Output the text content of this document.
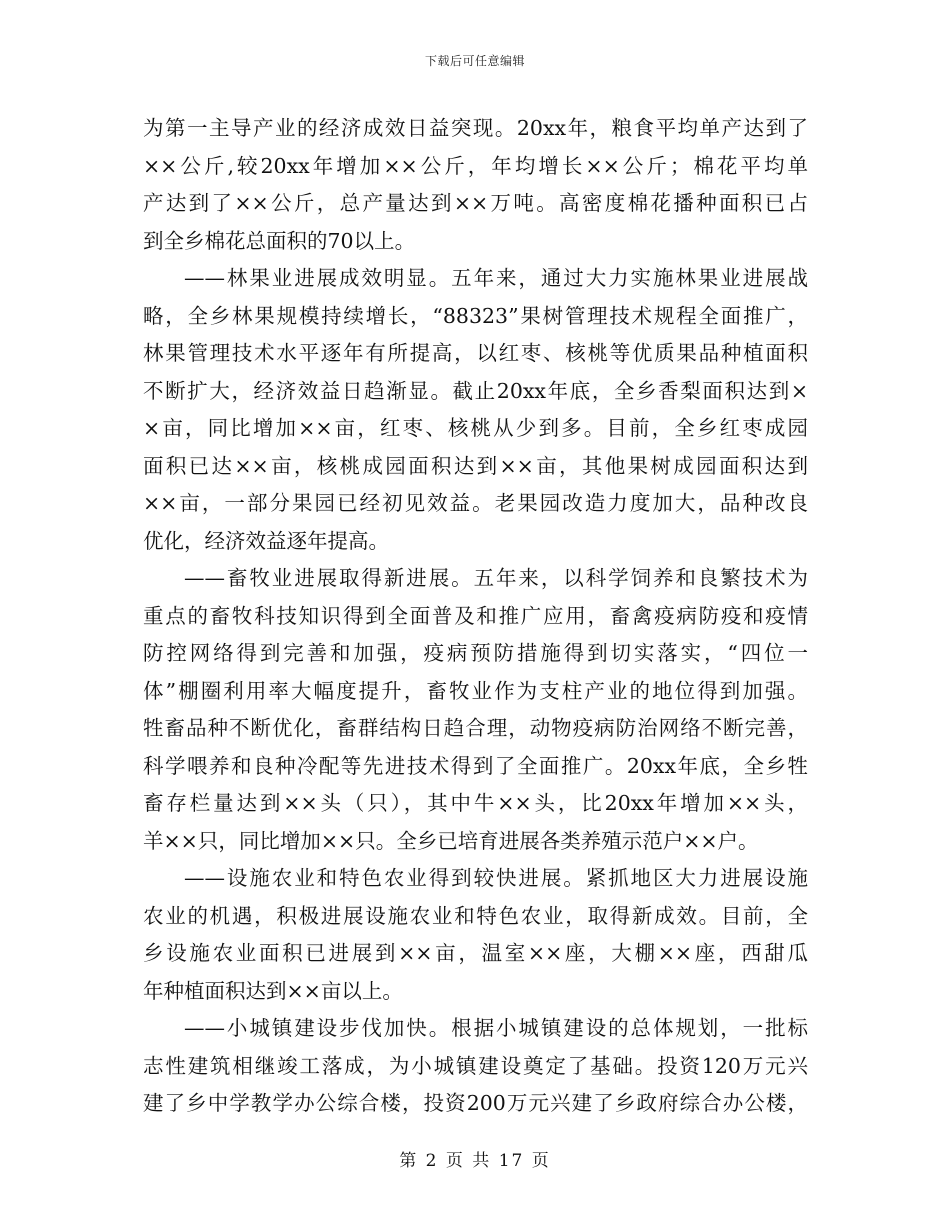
下载后可任意编辑
为第一主导产业的经济成效日益突现。20xx年，粮食平均单产达到了
××公斤,较20xx年增加××公斤，年均增长××公斤；棉花平均单
产达到了××公斤，总产量达到××万吨。高密度棉花播种面积已占
到全乡棉花总面积的70以上。
——林果业进展成效明显。五年来，通过大力实施林果业进展战
略，全乡林果规模持续增长，“88323”果树管理技术规程全面推广，
林果管理技术水平逐年有所提高，以红枣、核桃等优质果品种植面积
不断扩大，经济效益日趋渐显。截止20xx年底，全乡香梨面积达到×
×亩，同比增加××亩，红枣、核桃从少到多。目前，全乡红枣成园
面积已达××亩，核桃成园面积达到××亩，其他果树成园面积达到
××亩，一部分果园已经初见效益。老果园改造力度加大，品种改良
优化，经济效益逐年提高。
——畜牧业进展取得新进展。五年来，以科学饲养和良繁技术为
重点的畜牧科技知识得到全面普及和推广应用，畜禽疫病防疫和疫情
防控网络得到完善和加强，疫病预防措施得到切实落实，“四位一
体”棚圈利用率大幅度提升，畜牧业作为支柱产业的地位得到加强。
牲畜品种不断优化，畜群结构日趋合理，动物疫病防治网络不断完善，
科学喂养和良种冷配等先进技术得到了全面推广。20xx年底，全乡牲
畜存栏量达到××头（只），其中牛××头，比20xx年增加××头，
羊××只，同比增加××只。全乡已培育进展各类养殖示范户××户。
——设施农业和特色农业得到较快进展。紧抓地区大力进展设施
农业的机遇，积极进展设施农业和特色农业，取得新成效。目前，全
乡设施农业面积已进展到××亩，温室××座，大棚××座，西甜瓜
年种植面积达到××亩以上。
——小城镇建设步伐加快。根据小城镇建设的总体规划，一批标
志性建筑相继竣工落成，为小城镇建设奠定了基础。投资120万元兴
建了乡中学教学办公综合楼，投资200万元兴建了乡政府综合办公楼，
第 2 页 共 17 页
